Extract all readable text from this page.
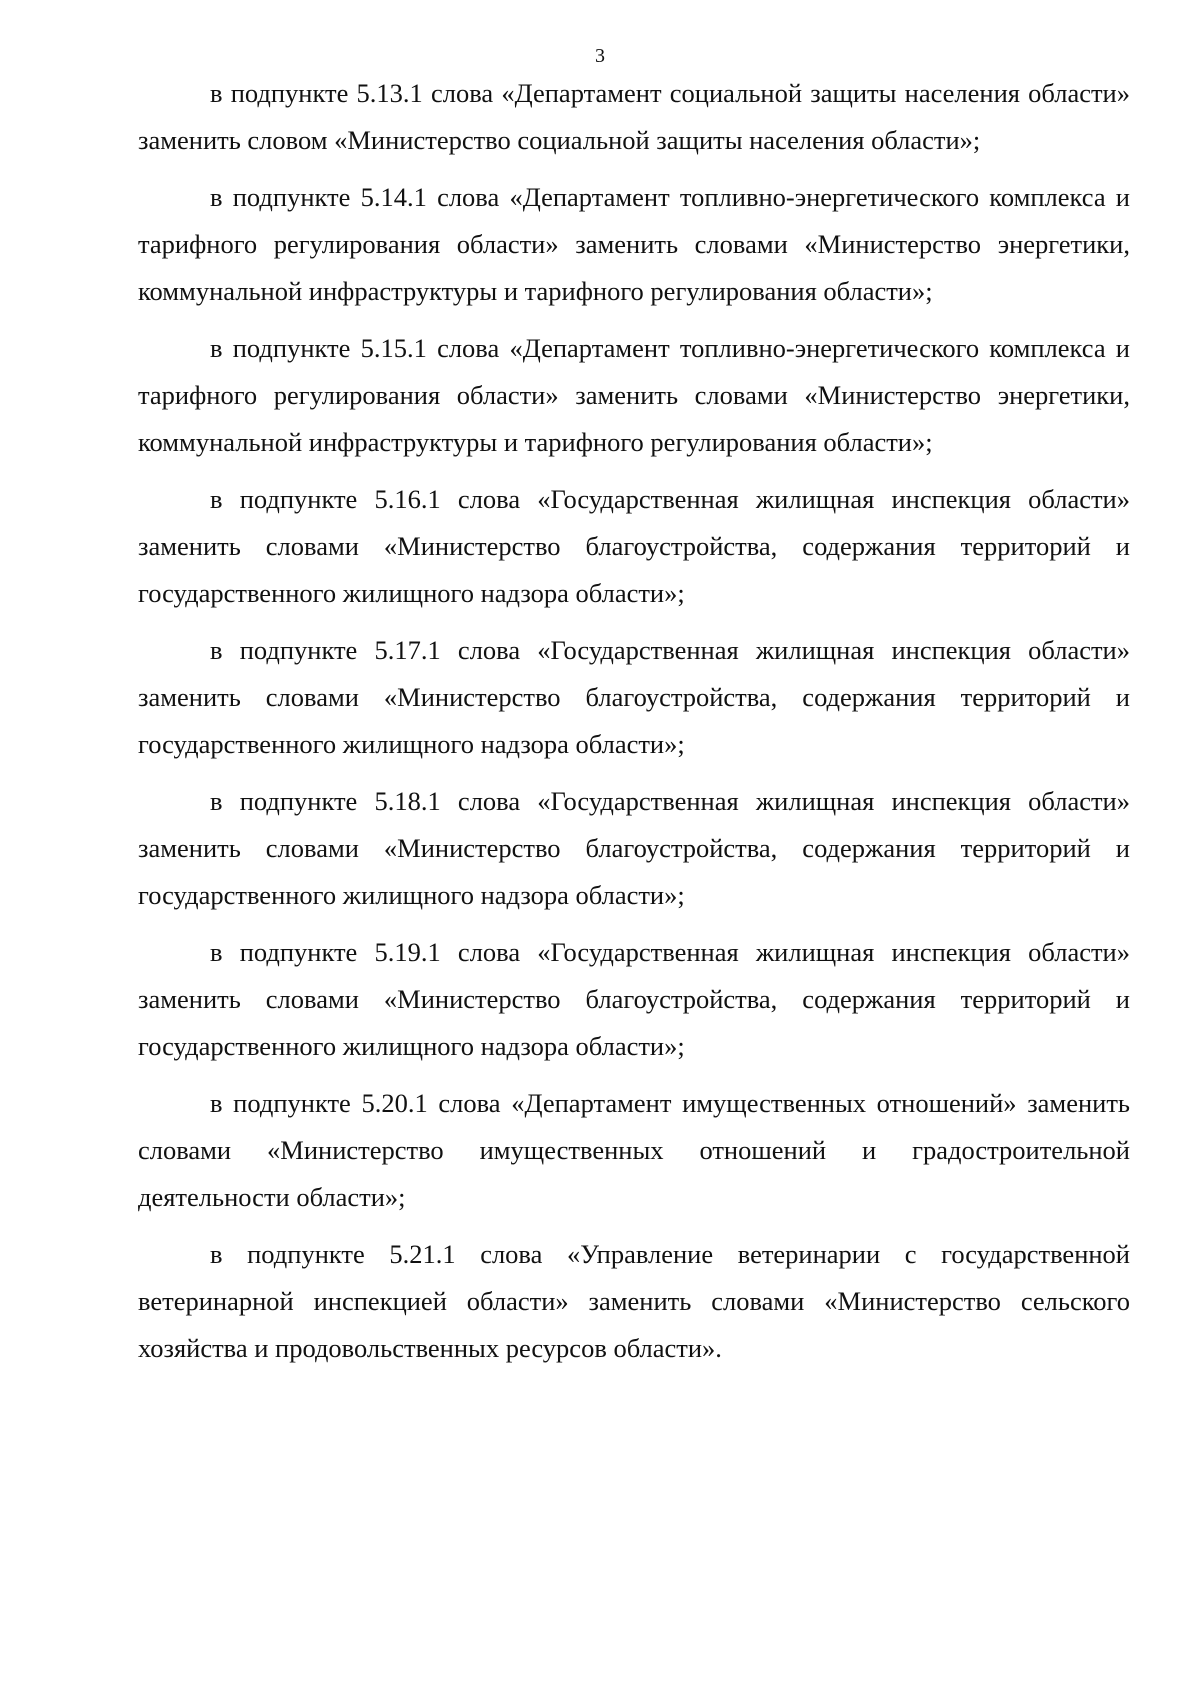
3

в подпункте 5.13.1 слова «Департамент социальной защиты населения области» заменить словом «Министерство социальной защиты населения области»;

в подпункте 5.14.1 слова «Департамент топливно-энергетического комплекса и тарифного регулирования области» заменить словами «Министерство энергетики, коммунальной инфраструктуры и тарифного регулирования области»;

в подпункте 5.15.1 слова «Департамент топливно-энергетического комплекса и тарифного регулирования области» заменить словами «Министерство энергетики, коммунальной инфраструктуры и тарифного регулирования области»;

в подпункте 5.16.1 слова «Государственная жилищная инспекция области» заменить словами «Министерство благоустройства, содержания территорий и государственного жилищного надзора области»;

в подпункте 5.17.1 слова «Государственная жилищная инспекция области» заменить словами «Министерство благоустройства, содержания территорий и государственного жилищного надзора области»;

в подпункте 5.18.1 слова «Государственная жилищная инспекция области» заменить словами «Министерство благоустройства, содержания территорий и государственного жилищного надзора области»;

в подпункте 5.19.1 слова «Государственная жилищная инспекция области» заменить словами «Министерство благоустройства, содержания территорий и государственного жилищного надзора области»;

в подпункте 5.20.1 слова «Департамент имущественных отношений» заменить словами «Министерство имущественных отношений и градостроительной деятельности области»;

в подпункте 5.21.1 слова «Управление ветеринарии с государственной ветеринарной инспекцией области» заменить словами «Министерство сельского хозяйства и продовольственных ресурсов области».
